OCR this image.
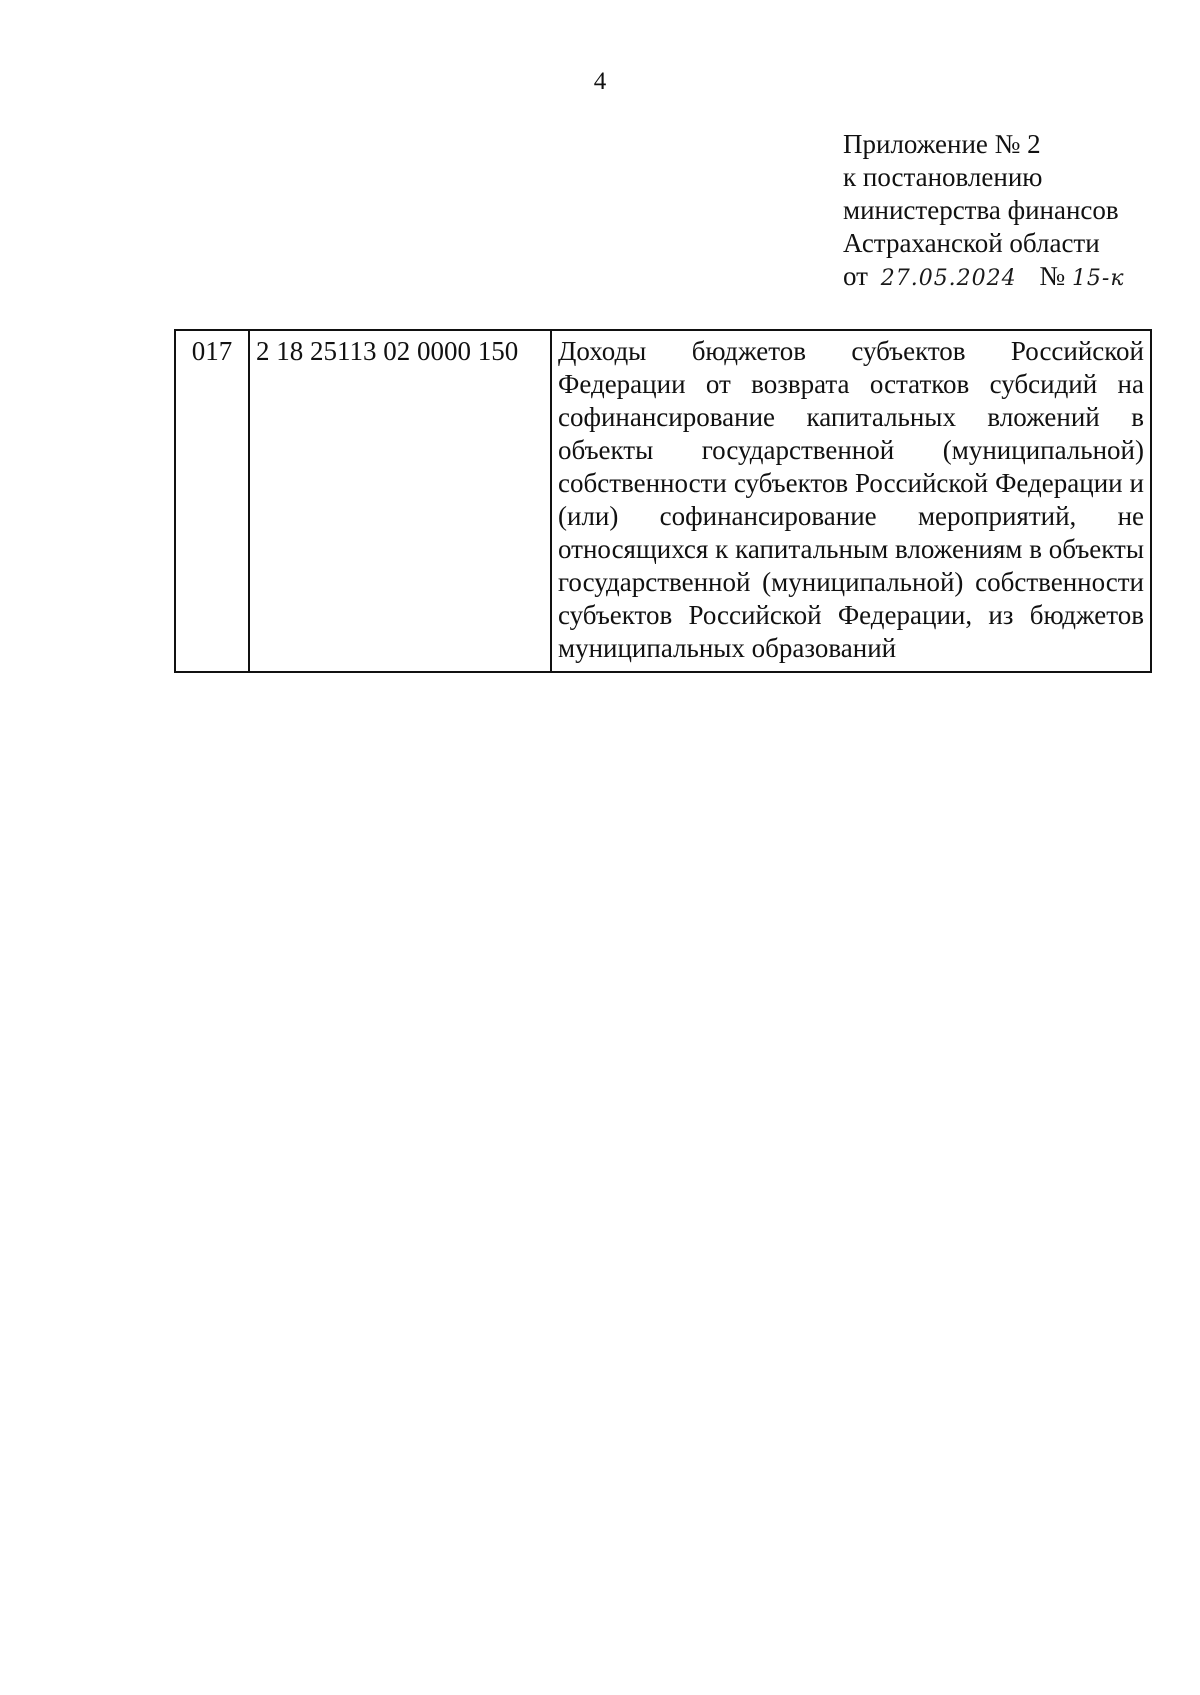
4
Приложение № 2
к постановлению
министерства финансов
Астраханской области
от 27.05.2024 № 15-к
017	2 18 25113 02 0000 150	Доходы бюджетов субъектов Российской Федерации от возврата остатков субсидий на софинансирование капитальных вложений в объекты государственной (муниципальной) собственности субъектов Российской Федерации и (или) софинансирование мероприятий, не относящихся к капитальным вложениям в объекты государственной (муниципальной) собственности субъектов Российской Федерации, из бюджетов муниципальных образований
